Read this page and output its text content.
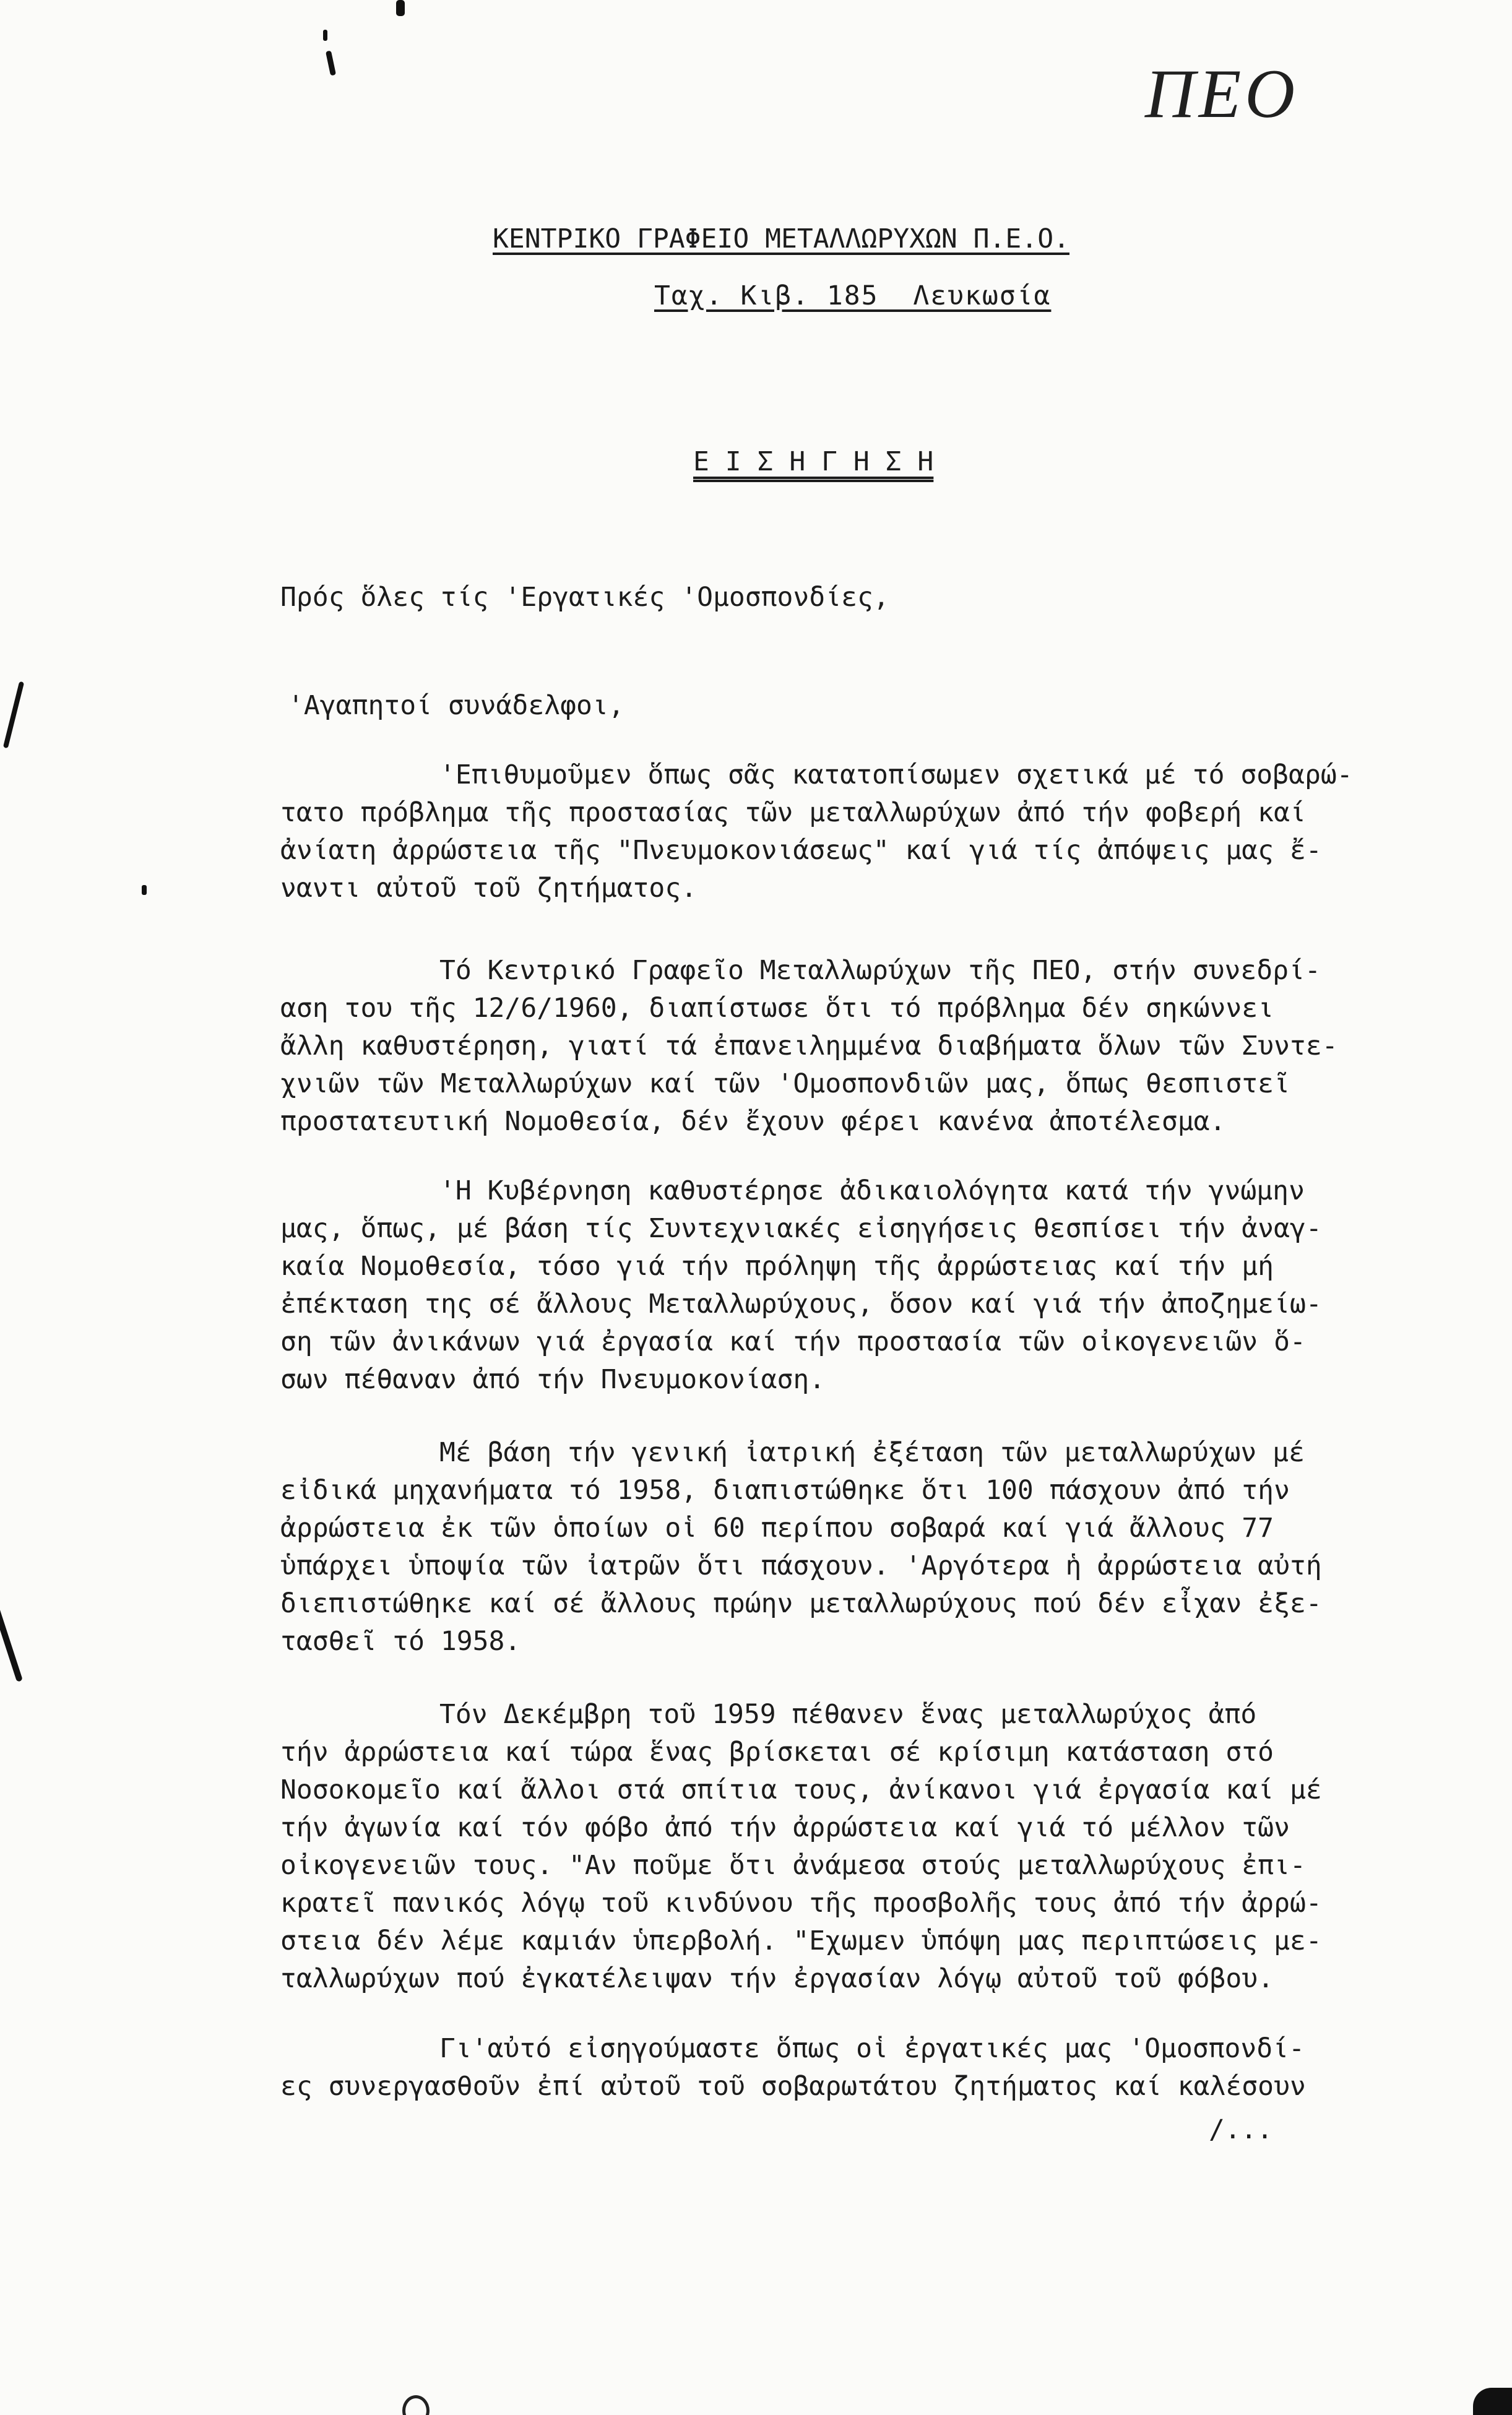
ΠΕΟ
ΚΕΝΤΡΙΚΟ ΓΡΑΦΕΙΟ ΜΕΤΑΛΛΩΡΥΧΩΝ Π.Ε.Ο.
Ταχ. Κιβ. 185  Λευκωσία
Ε Ι Σ Η Γ Η Σ Η
Πρός ὅλες τίς 'Εργατικές 'Ομοσπονδίες,
'Αγαπητοί συνάδελφοι,
'Επιθυμοῦμεν ὅπως σᾶς κατατοπίσωμεν σχετικά μέ τό σοβαρώ-
τατο πρόβλημα τῆς προστασίας τῶν μεταλλωρύχων ἀπό τήν φοβερή καί
ἀνίατη ἀρρώστεια τῆς "Πνευμοκονιάσεως" καί γιά τίς ἀπόψεις μας ἔ-
ναντι αὐτοῦ τοῦ ζητήματος.
Τό Κεντρικό Γραφεῖο Μεταλλωρύχων τῆς ΠΕΟ, στήν συνεδρί-
αση του τῆς 12/6/1960, διαπίστωσε ὅτι τό πρόβλημα δέν σηκώννει
ἄλλη καθυστέρηση, γιατί τά ἐπανειλημμένα διαβήματα ὅλων τῶν Συντε-
χνιῶν τῶν Μεταλλωρύχων καί τῶν 'Ομοσπονδιῶν μας, ὅπως θεσπιστεῖ
προστατευτική Νομοθεσία, δέν ἔχουν φέρει κανένα ἀποτέλεσμα.
'Η Κυβέρνηση καθυστέρησε ἀδικαιολόγητα κατά τήν γνώμην
μας, ὅπως, μέ βάση τίς Συντεχνιακές εἰσηγήσεις θεσπίσει τήν ἀναγ-
καία Νομοθεσία, τόσο γιά τήν πρόληψη τῆς ἀρρώστειας καί τήν μή
ἐπέκταση της σέ ἄλλους Μεταλλωρύχους, ὅσον καί γιά τήν ἀποζημείω-
ση τῶν ἀνικάνων γιά ἐργασία καί τήν προστασία τῶν οἰκογενειῶν ὅ-
σων πέθαναν ἀπό τήν Πνευμοκονίαση.
Μέ βάση τήν γενική ἰατρική ἐξέταση τῶν μεταλλωρύχων μέ
εἰδικά μηχανήματα τό 1958, διαπιστώθηκε ὅτι 100 πάσχουν ἀπό τήν
ἀρρώστεια ἐκ τῶν ὁποίων οἱ 60 περίπου σοβαρά καί γιά ἄλλους 77
ὑπάρχει ὑποψία τῶν ἰατρῶν ὅτι πάσχουν. 'Αργότερα ἡ ἀρρώστεια αὐτή
διεπιστώθηκε καί σέ ἄλλους πρώην μεταλλωρύχους πού δέν εἶχαν ἐξε-
τασθεῖ τό 1958.
Τόν Δεκέμβρη τοῦ 1959 πέθανεν ἕνας μεταλλωρύχος ἀπό
τήν ἀρρώστεια καί τώρα ἕνας βρίσκεται σέ κρίσιμη κατάσταση στό
Νοσοκομεῖο καί ἄλλοι στά σπίτια τους, ἀνίκανοι γιά ἐργασία καί μέ
τήν ἀγωνία καί τόν φόβο ἀπό τήν ἀρρώστεια καί γιά τό μέλλον τῶν
οἰκογενειῶν τους. "Αν ποῦμε ὅτι ἀνάμεσα στούς μεταλλωρύχους ἐπι-
κρατεῖ πανικός λόγῳ τοῦ κινδύνου τῆς προσβολῆς τους ἀπό τήν ἀρρώ-
στεια δέν λέμε καμιάν ὑπερβολή. "Εχωμεν ὑπόψη μας περιπτώσεις με-
ταλλωρύχων πού ἐγκατέλειψαν τήν ἐργασίαν λόγῳ αὐτοῦ τοῦ φόβου.
Γι'αὐτό εἰσηγούμαστε ὅπως οἱ ἐργατικές μας 'Ομοσπονδί-
ες συνεργασθοῦν ἐπί αὐτοῦ τοῦ σοβαρωτάτου ζητήματος καί καλέσουν
/...
